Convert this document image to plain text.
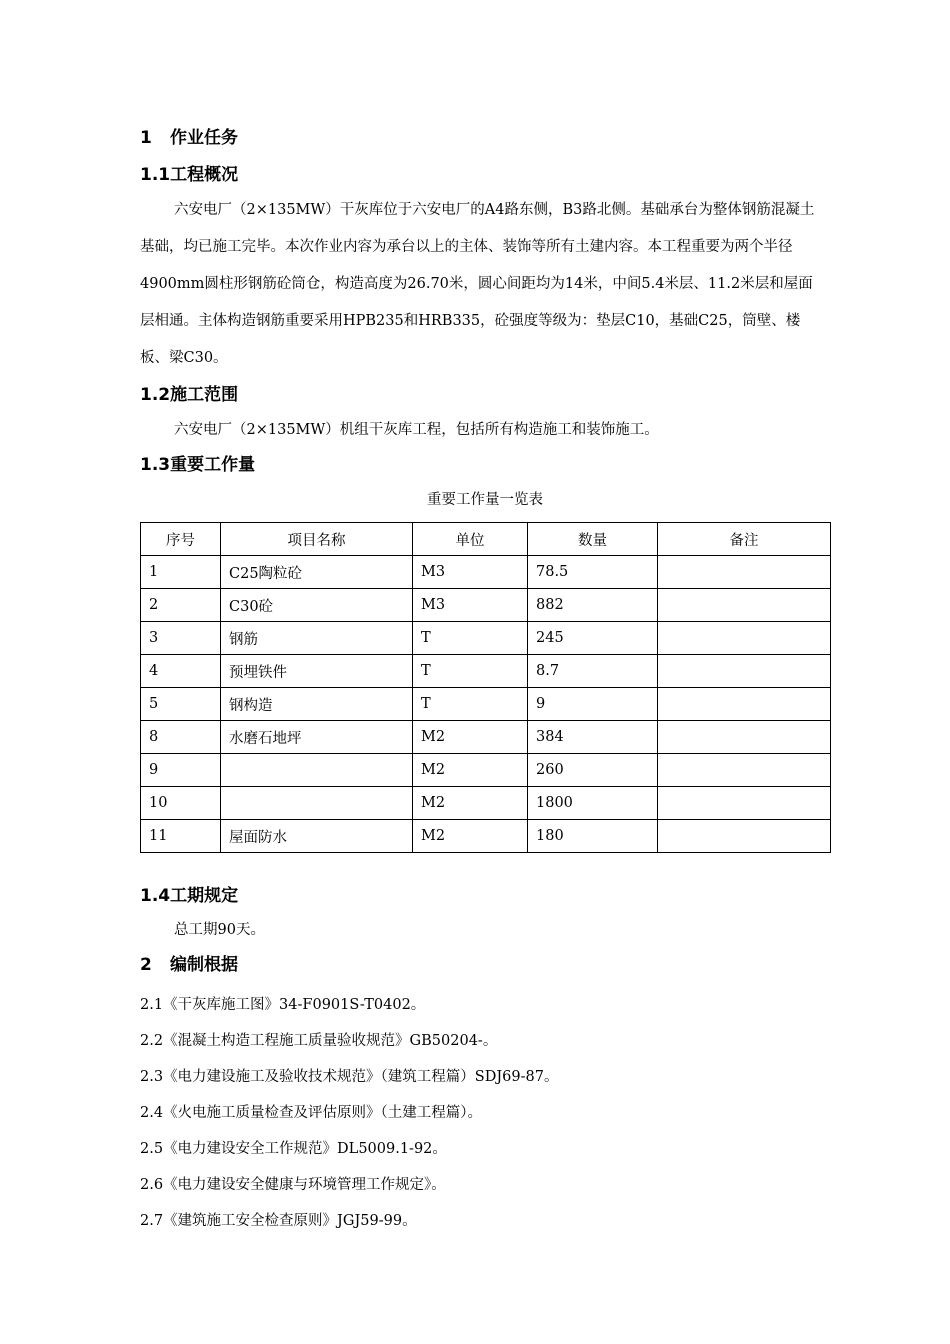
1 作业任务
1.1工程概况

六安电厂（2×135MW）干灰库位于六安电厂的A4路东侧，B3路北侧。基础承台为整体钢筋混凝土基础，均已施工完毕。本次作业内容为承台以上的主体、装饰等所有土建内容。本工程重要为两个半径4900mm圆柱形钢筋砼筒仓，构造高度为26.70米，圆心间距均为14米，中间5.4米层、11.2米层和屋面层相通。主体构造钢筋重要采用HPB235和HRB335，砼强度等级为：垫层C10，基础C25，筒壁、楼板、梁C30。

1.2施工范围
六安电厂（2×135MW）机组干灰库工程，包括所有构造施工和装饰施工。
1.3重要工作量
重要工作量一览表
序号	项目名称	单位	数量	备注
1	C25陶粒砼	M3	78.5	
2	C30砼	M3	882	
3	钢筋	T	245	
4	预埋铁件	T	8.7	
5	钢构造	T	9	
8	水磨石地坪	M2	384	
9		M2	260	
10		M2	1800	
11	屋面防水	M2	180	
1.4工期规定
总工期90天。
2 编制根据
2.1《干灰库施工图》34-F0901S-T0402。
2.2《混凝土构造工程施工质量验收规范》GB50204-。
2.3《电力建设施工及验收技术规范》（建筑工程篇）SDJ69-87。
2.4《火电施工质量检查及评估原则》（土建工程篇）。
2.5《电力建设安全工作规范》DL5009.1-92。
2.6《电力建设安全健康与环境管理工作规定》。
2.7《建筑施工安全检查原则》JGJ59-99。
